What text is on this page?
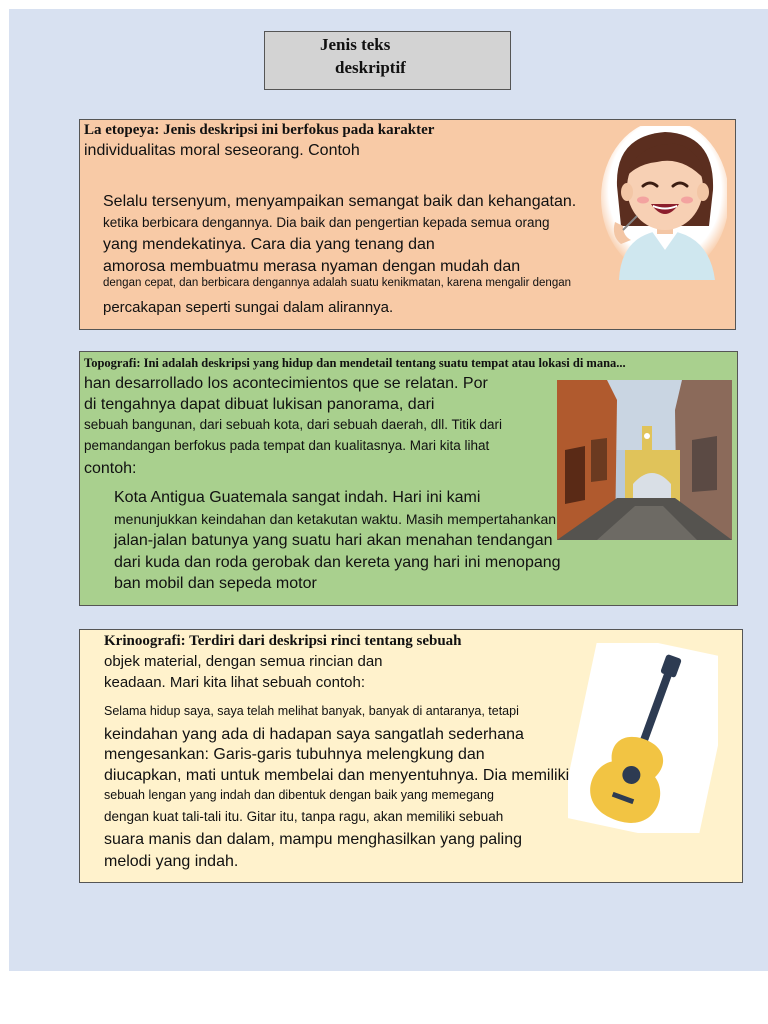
Jenis teks
deskriptif
La etopeya: Jenis deskripsi ini berfokus pada karakter
individualitas moral seseorang. Contoh
Selalu tersenyum, menyampaikan semangat baik dan kehangatan.
ketika berbicara dengannya. Dia baik dan pengertian kepada semua orang
yang mendekatinya. Cara dia yang tenang dan
amorosa membuatmu merasa nyaman dengan mudah dan
dengan cepat, dan berbicara dengannya adalah suatu kenikmatan, karena mengalir dengan
percakapan seperti sungai dalam alirannya.
Topografi: Ini adalah deskripsi yang hidup dan mendetail tentang suatu tempat atau lokasi di mana...
han desarrollado los acontecimientos que se relatan. Por
di tengahnya dapat dibuat lukisan panorama, dari
sebuah bangunan, dari sebuah kota, dari sebuah daerah, dll. Titik dari
pemandangan berfokus pada tempat dan kualitasnya. Mari kita lihat
contoh:
Kota Antigua Guatemala sangat indah. Hari ini kami
menunjukkan keindahan dan ketakutan waktu. Masih mempertahankan
jalan-jalan batunya yang suatu hari akan menahan tendangan
dari kuda dan roda gerobak dan kereta yang hari ini menopang
ban mobil dan sepeda motor
Krinoografi: Terdiri dari deskripsi rinci tentang sebuah
objek material, dengan semua rincian dan
keadaan. Mari kita lihat sebuah contoh:
Selama hidup saya, saya telah melihat banyak, banyak di antaranya, tetapi
keindahan yang ada di hadapan saya sangatlah sederhana
mengesankan: Garis-garis tubuhnya melengkung dan
diucapkan, mati untuk membelai dan menyentuhnya. Dia memiliki
sebuah lengan yang indah dan dibentuk dengan baik yang memegang
dengan kuat tali-tali itu. Gitar itu, tanpa ragu, akan memiliki sebuah
suara manis dan dalam, mampu menghasilkan yang paling
melodi yang indah.
